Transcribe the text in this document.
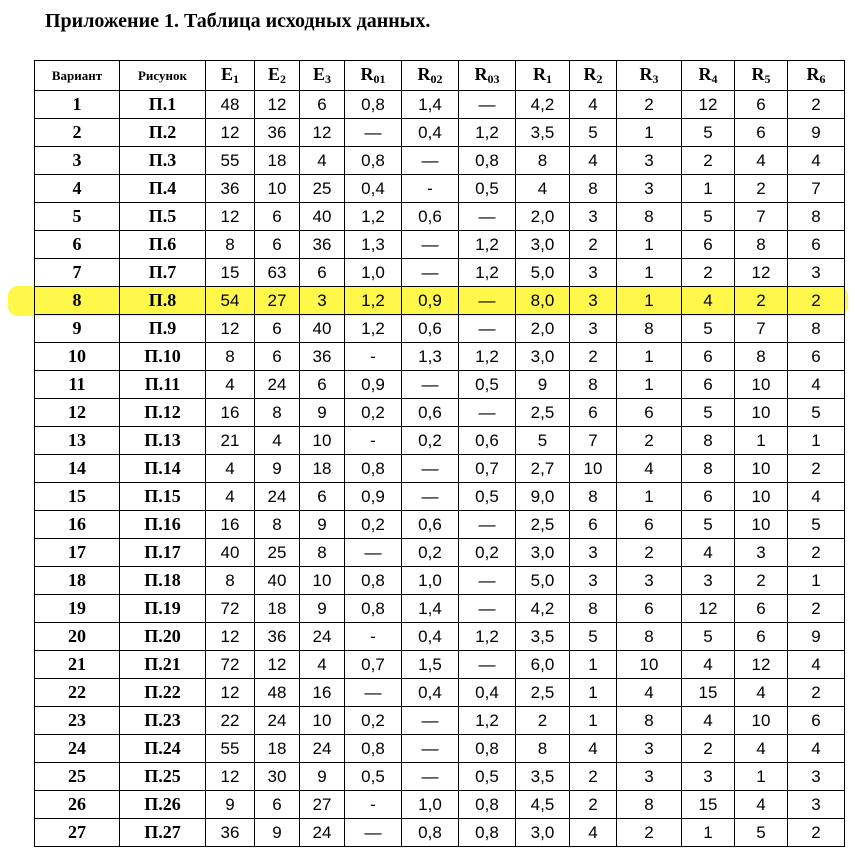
Приложение 1. Таблица исходных данных.
Вариант	Рисунок	$E_1$	$E_2$	$E_3$	$R_{01}$	$R_{02}$	$R_{03}$	$R_1$	$R_2$	$R_3$	$R_4$	$R_5$	$R_6$
1	П.1	48	12	6	0,8	1,4	—	4,2	4	2	12	6	2
2	П.2	12	36	12	—	0,4	1,2	3,5	5	1	5	6	9
3	П.3	55	18	4	0,8	—	0,8	8	4	3	2	4	4
4	П.4	36	10	25	0,4	-	0,5	4	8	3	1	2	7
5	П.5	12	6	40	1,2	0,6	—	2,0	3	8	5	7	8
6	П.6	8	6	36	1,3	—	1,2	3,0	2	1	6	8	6
7	П.7	15	63	6	1,0	—	1,2	5,0	3	1	2	12	3
8	П.8	54	27	3	1,2	0,9	—	8,0	3	1	4	2	2
9	П.9	12	6	40	1,2	0,6	—	2,0	3	8	5	7	8
10	П.10	8	6	36	-	1,3	1,2	3,0	2	1	6	8	6
11	П.11	4	24	6	0,9	—	0,5	9	8	1	6	10	4
12	П.12	16	8	9	0,2	0,6	—	2,5	6	6	5	10	5
13	П.13	21	4	10	-	0,2	0,6	5	7	2	8	1	1
14	П.14	4	9	18	0,8	—	0,7	2,7	10	4	8	10	2
15	П.15	4	24	6	0,9	—	0,5	9,0	8	1	6	10	4
16	П.16	16	8	9	0,2	0,6	—	2,5	6	6	5	10	5
17	П.17	40	25	8	—	0,2	0,2	3,0	3	2	4	3	2
18	П.18	8	40	10	0,8	1,0	—	5,0	3	3	3	2	1
19	П.19	72	18	9	0,8	1,4	—	4,2	8	6	12	6	2
20	П.20	12	36	24	-	0,4	1,2	3,5	5	8	5	6	9
21	П.21	72	12	4	0,7	1,5	—	6,0	1	10	4	12	4
22	П.22	12	48	16	—	0,4	0,4	2,5	1	4	15	4	2
23	П.23	22	24	10	0,2	—	1,2	2	1	8	4	10	6
24	П.24	55	18	24	0,8	—	0,8	8	4	3	2	4	4
25	П.25	12	30	9	0,5	—	0,5	3,5	2	3	3	1	3
26	П.26	9	6	27	-	1,0	0,8	4,5	2	8	15	4	3
27	П.27	36	9	24	—	0,8	0,8	3,0	4	2	1	5	2
